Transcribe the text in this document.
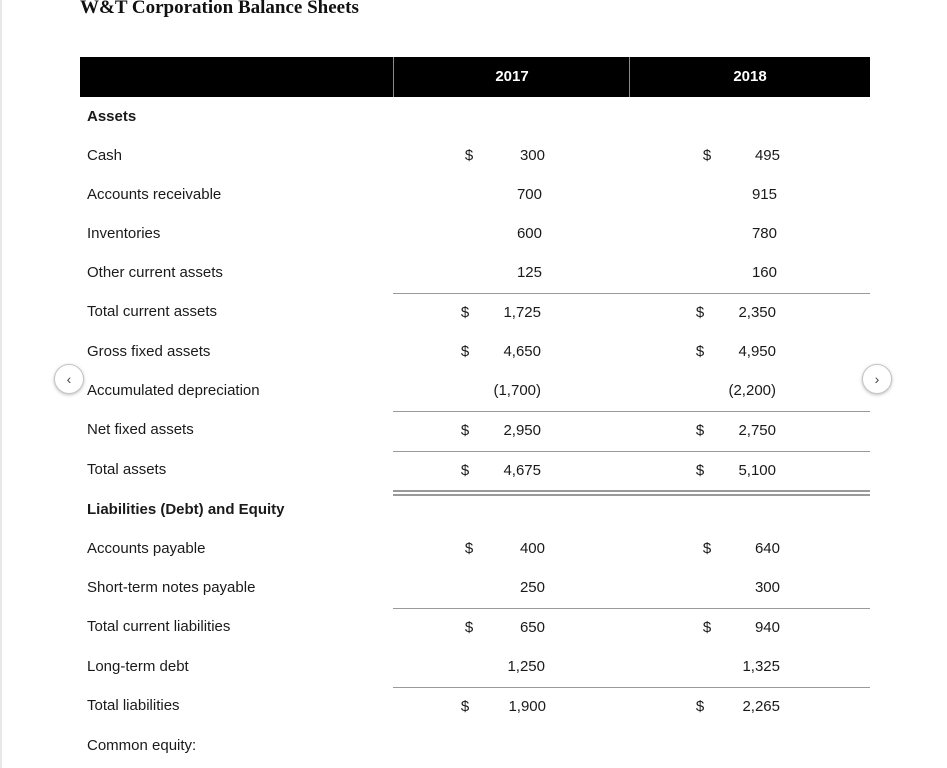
W&T Corporation Balance Sheets
2017	2018
Assets
Cash	$	300	$	495
Accounts receivable	700	915
Inventories	600	780
Other current assets	125	160
Total current assets	$	1,725	$	2,350
Gross fixed assets	$	4,650	$	4,950
Accumulated depreciation	(1,700)	(2,200)
Net fixed assets	$	2,950	$	2,750
Total assets	$	4,675	$	5,100
Liabilities (Debt) and Equity
Accounts payable	$	400	$	640
Short-term notes payable	250	300
Total current liabilities	$	650	$	940
Long-term debt	1,250	1,325
Total liabilities	$	1,900	$	2,265
Common equity:
‹	›
